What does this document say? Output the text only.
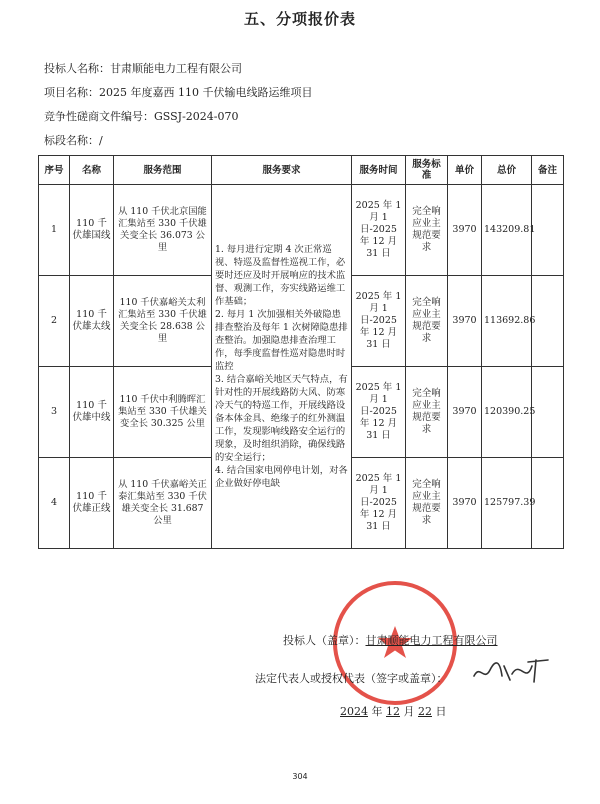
五、分项报价表
投标人名称：甘肃顺能电力工程有限公司
项目名称：2025 年度嘉西 110 千伏输电线路运维项目
竞争性磋商文件编号：GSSJ-2024-070
标段名称：/
序号	名称	服务范围	服务要求	服务时间	服务标准	单价	总价	备注
1	110 千伏雄国线	从 110 千伏北京国能汇集站至 330 千伏雄关变全长 36.073 公里	1. 每月进行定期 4 次正常巡视、特巡及监督性巡视工作，必要时还应及时开展响应的技术监督、观测工作，夯实线路运维工作基础；
2. 每月 1 次加强相关外破隐患排查整治及每年 1 次树障隐患排查整治。加强隐患排查治理工作，每季度监督性巡对隐患时时监控
3. 结合嘉峪关地区天气特点，有针对性的开展线路防大风、防寒冷天气的特巡工作，开展线路设备本体金具、绝缘子的红外测温工作，发现影响线路安全运行的现象，及时组织消除，确保线路的安全运行；
4. 结合国家电网停电计划，对各企业做好停电缺	2025 年 1 月 1 日-2025 年 12 月 31 日	完全响应业主规范要求	3970	143209.81	
2	110 千伏雄太线	110 千伏嘉峪关太利汇集站至 330 千伏雄关变全长 28.638 公里		2025 年 1 月 1 日-2025 年 12 月 31 日	完全响应业主规范要求	3970	113692.86	
3	110 千伏雄中线	110 千伏中利腾晖汇集站至 330 千伏雄关变全长 30.325 公里		2025 年 1 月 1 日-2025 年 12 月 31 日	完全响应业主规范要求	3970	120390.25	
4	110 千伏雄正线	从 110 千伏嘉峪关正泰汇集站至 330 千伏雄关变全长 31.687 公里		2025 年 1 月 1 日-2025 年 12 月 31 日	完全响应业主规范要求	3970	125797.39	
投标人（盖章）：甘肃顺能电力工程有限公司
法定代表人或授权代表（签字或盖章）：
2024 年 12 月 22 日
304
